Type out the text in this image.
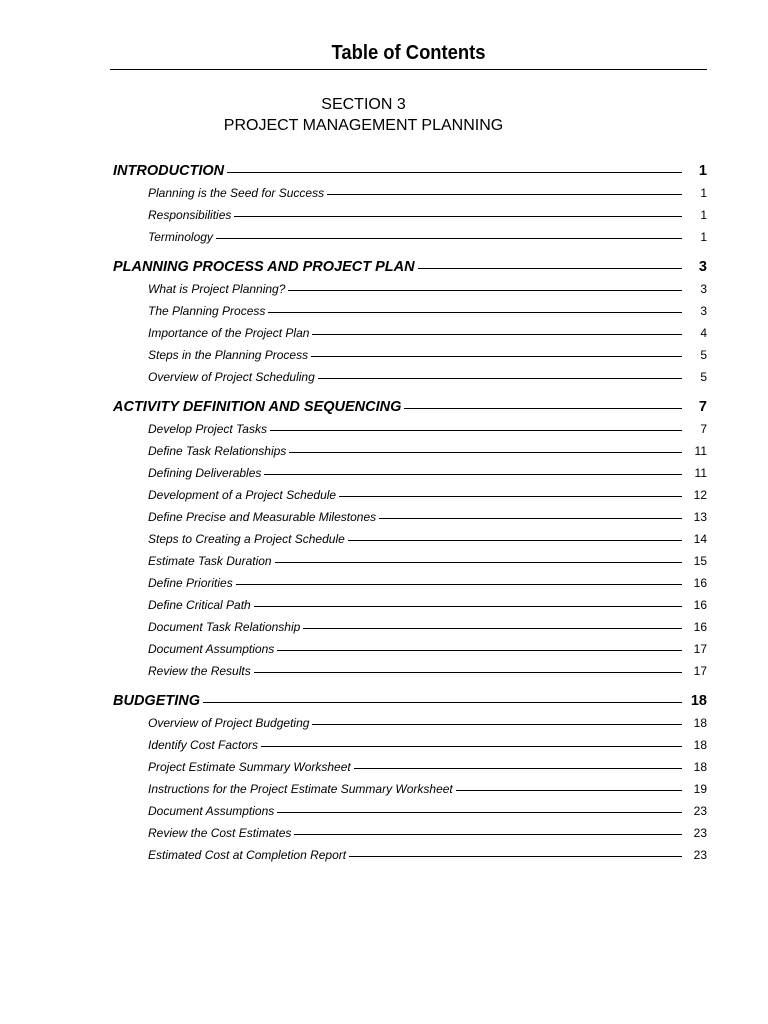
Table of Contents
SECTION 3
PROJECT MANAGEMENT PLANNING
INTRODUCTION	1
Planning is the Seed for Success	1
Responsibilities	1
Terminology	1
PLANNING PROCESS AND PROJECT PLAN	3
What is Project Planning?	3
The Planning Process	3
Importance of the Project Plan	4
Steps in the Planning Process	5
Overview of Project Scheduling	5
ACTIVITY DEFINITION AND SEQUENCING	7
Develop Project Tasks	7
Define Task Relationships	11
Defining Deliverables	11
Development of a Project Schedule	12
Define Precise and Measurable Milestones	13
Steps to Creating a Project Schedule	14
Estimate Task Duration	15
Define Priorities	16
Define Critical Path	16
Document Task Relationship	16
Document Assumptions	17
Review the Results	17
BUDGETING	18
Overview of Project Budgeting	18
Identify Cost Factors	18
Project Estimate Summary Worksheet	18
Instructions for the Project Estimate Summary Worksheet	19
Document Assumptions	23
Review the Cost Estimates	23
Estimated Cost at Completion Report	23
